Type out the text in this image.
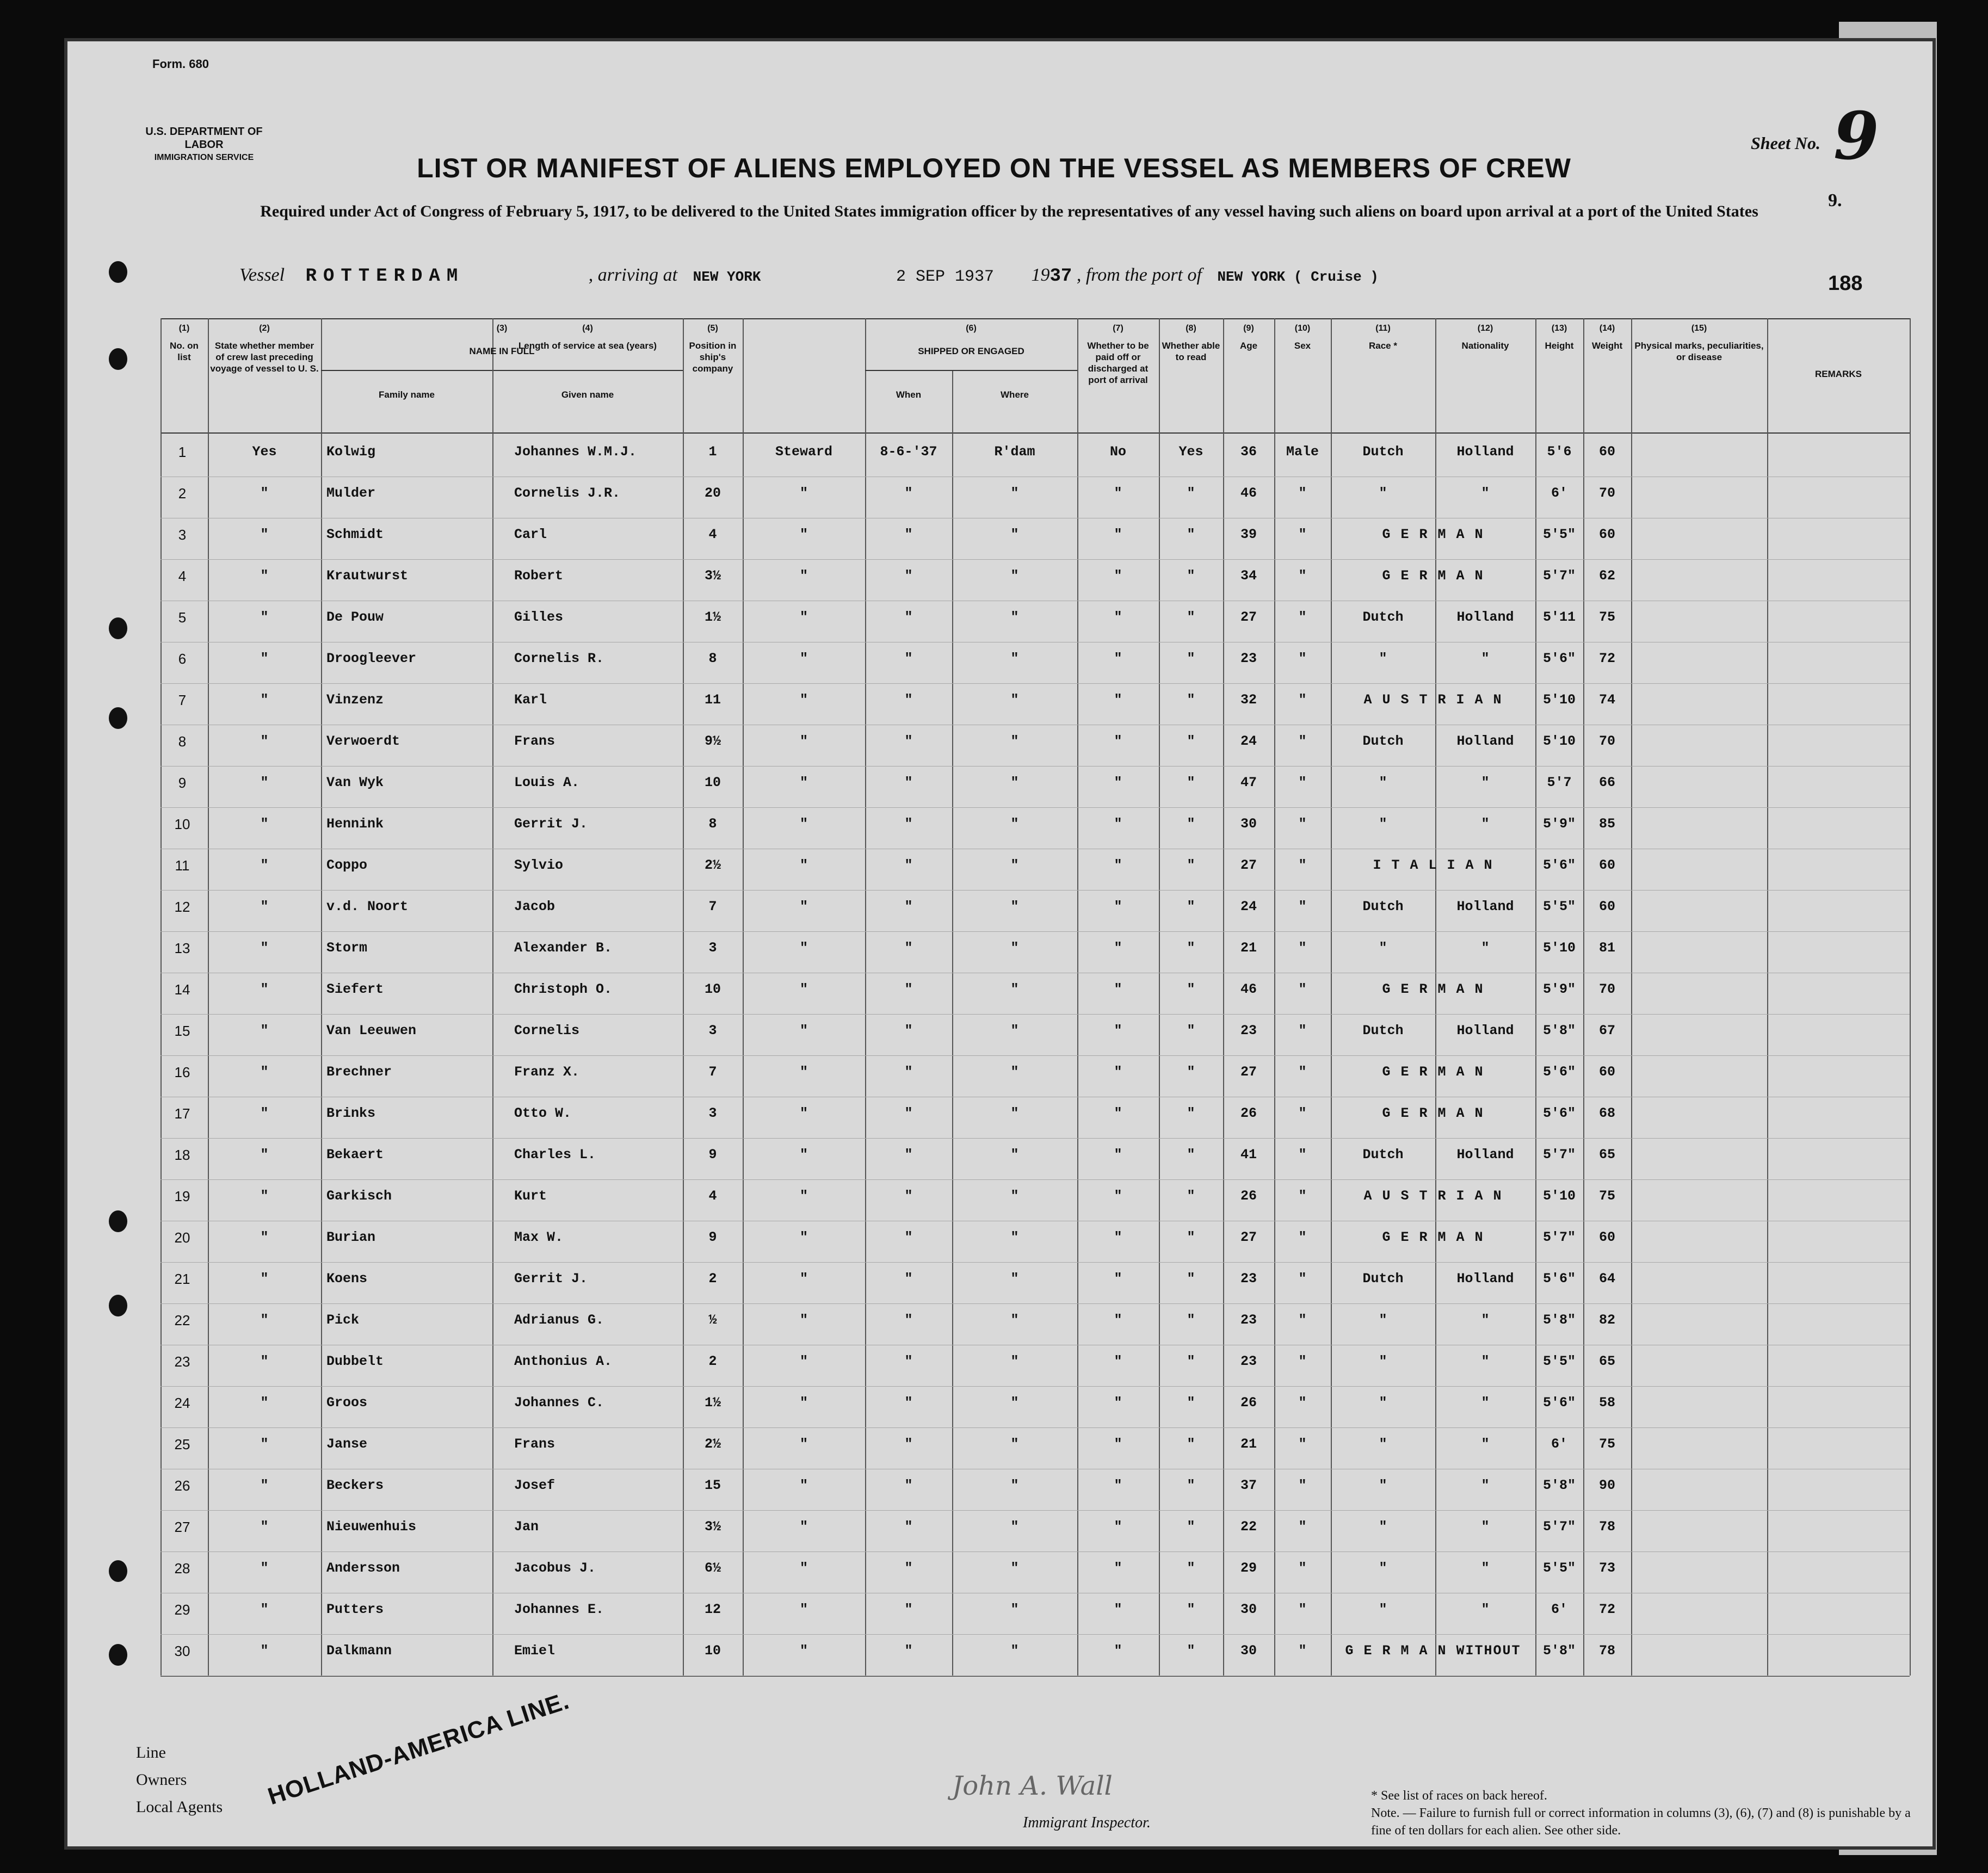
Form. 680
U.S. DEPARTMENT OF LABOR
IMMIGRATION SERVICE
Sheet No. 9
9.
LIST OR MANIFEST OF ALIENS EMPLOYED ON THE VESSEL AS MEMBERS OF CREW
Required under Act of Congress of February 5, 1917, to be delivered to the United States immigration officer by the representatives of any vessel having such aliens on board upon arrival at a port of the United States
Vessel ROTTERDAM	, arriving at NEW YORK	2 SEP 1937 1937 , from the port of NEW YORK ( Cruise )	188
(1)
No. on list
(2)
State whether member of crew last preceding voyage of vessel to U. S.
(4)
Length of service at sea (years)
(5)
Position in ship's company
(7)
Whether to be paid off or discharged at port of arrival
(8)
Whether able to read
(9)
Age
(10)
Sex
(11)
Race *
(12)
Nationality
(13)
Height
(14)
Weight
(15)
Physical marks, peculiarities, or disease
(3)
NAME IN FULL
Family name	Given name
(6)
SHIPPED OR ENGAGED
When	Where
REMARKS
1	Yes	Kolwig	Johannes W.M.J.	1	Steward	8-6-'37	R'dam	No	Yes	36	Male	Dutch	Holland	5'6	60
2	"	Mulder	Cornelis J.R.	20	"	"	"	"	"	46	"	"	"	6'	70
3	"	Schmidt	Carl	4	"	"	"	"	"	39	"	G E R M A N	5'5"	60
4	"	Krautwurst	Robert	3½	"	"	"	"	"	34	"	G E R M A N	5'7"	62
5	"	De Pouw	Gilles	1½	"	"	"	"	"	27	"	Dutch	Holland	5'11	75
6	"	Droogleever	Cornelis R.	8	"	"	"	"	"	23	"	"	"	5'6"	72
7	"	Vinzenz	Karl	11	"	"	"	"	"	32	"	A U S T R I A N	5'10	74
8	"	Verwoerdt	Frans	9½	"	"	"	"	"	24	"	Dutch	Holland	5'10	70
9	"	Van Wyk	Louis A.	10	"	"	"	"	"	47	"	"	"	5'7	66
10	"	Hennink	Gerrit J.	8	"	"	"	"	"	30	"	"	"	5'9"	85
11	"	Coppo	Sylvio	2½	"	"	"	"	"	27	"	I T A L I A N	5'6"	60
12	"	v.d. Noort	Jacob	7	"	"	"	"	"	24	"	Dutch	Holland	5'5"	60
13	"	Storm	Alexander B.	3	"	"	"	"	"	21	"	"	"	5'10	81
14	"	Siefert	Christoph O.	10	"	"	"	"	"	46	"	G E R M A N	5'9"	70
15	"	Van Leeuwen	Cornelis	3	"	"	"	"	"	23	"	Dutch	Holland	5'8"	67
16	"	Brechner	Franz X.	7	"	"	"	"	"	27	"	G E R M A N	5'6"	60
17	"	Brinks	Otto W.	3	"	"	"	"	"	26	"	G E R M A N	5'6"	68
18	"	Bekaert	Charles L.	9	"	"	"	"	"	41	"	Dutch	Holland	5'7"	65
19	"	Garkisch	Kurt	4	"	"	"	"	"	26	"	A U S T R I A N	5'10	75
20	"	Burian	Max W.	9	"	"	"	"	"	27	"	G E R M A N	5'7"	60
21	"	Koens	Gerrit J.	2	"	"	"	"	"	23	"	Dutch	Holland	5'6"	64
22	"	Pick	Adrianus G.	½	"	"	"	"	"	23	"	"	"	5'8"	82
23	"	Dubbelt	Anthonius A.	2	"	"	"	"	"	23	"	"	"	5'5"	65
24	"	Groos	Johannes C.	1½	"	"	"	"	"	26	"	"	"	5'6"	58
25	"	Janse	Frans	2½	"	"	"	"	"	21	"	"	"	6'	75
26	"	Beckers	Josef	15	"	"	"	"	"	37	"	"	"	5'8"	90
27	"	Nieuwenhuis	Jan	3½	"	"	"	"	"	22	"	"	"	5'7"	78
28	"	Andersson	Jacobus J.	6½	"	"	"	"	"	29	"	"	"	5'5"	73
29	"	Putters	Johannes E.	12	"	"	"	"	"	30	"	"	"	6'	72
30	"	Dalkmann	Emiel	10	"	"	"	"	"	30	"	G E R M A N WITHOUT	5'8"	78
Line
Owners
Local Agents HOLLAND-AMERICA LINE.	John A. Wall
Immigrant Inspector.
* See list of races on back hereof.
Note. — Failure to furnish full or correct information in columns (3), (6), (7) and (8) is punishable by a fine of ten dollars for each alien. See other side.
